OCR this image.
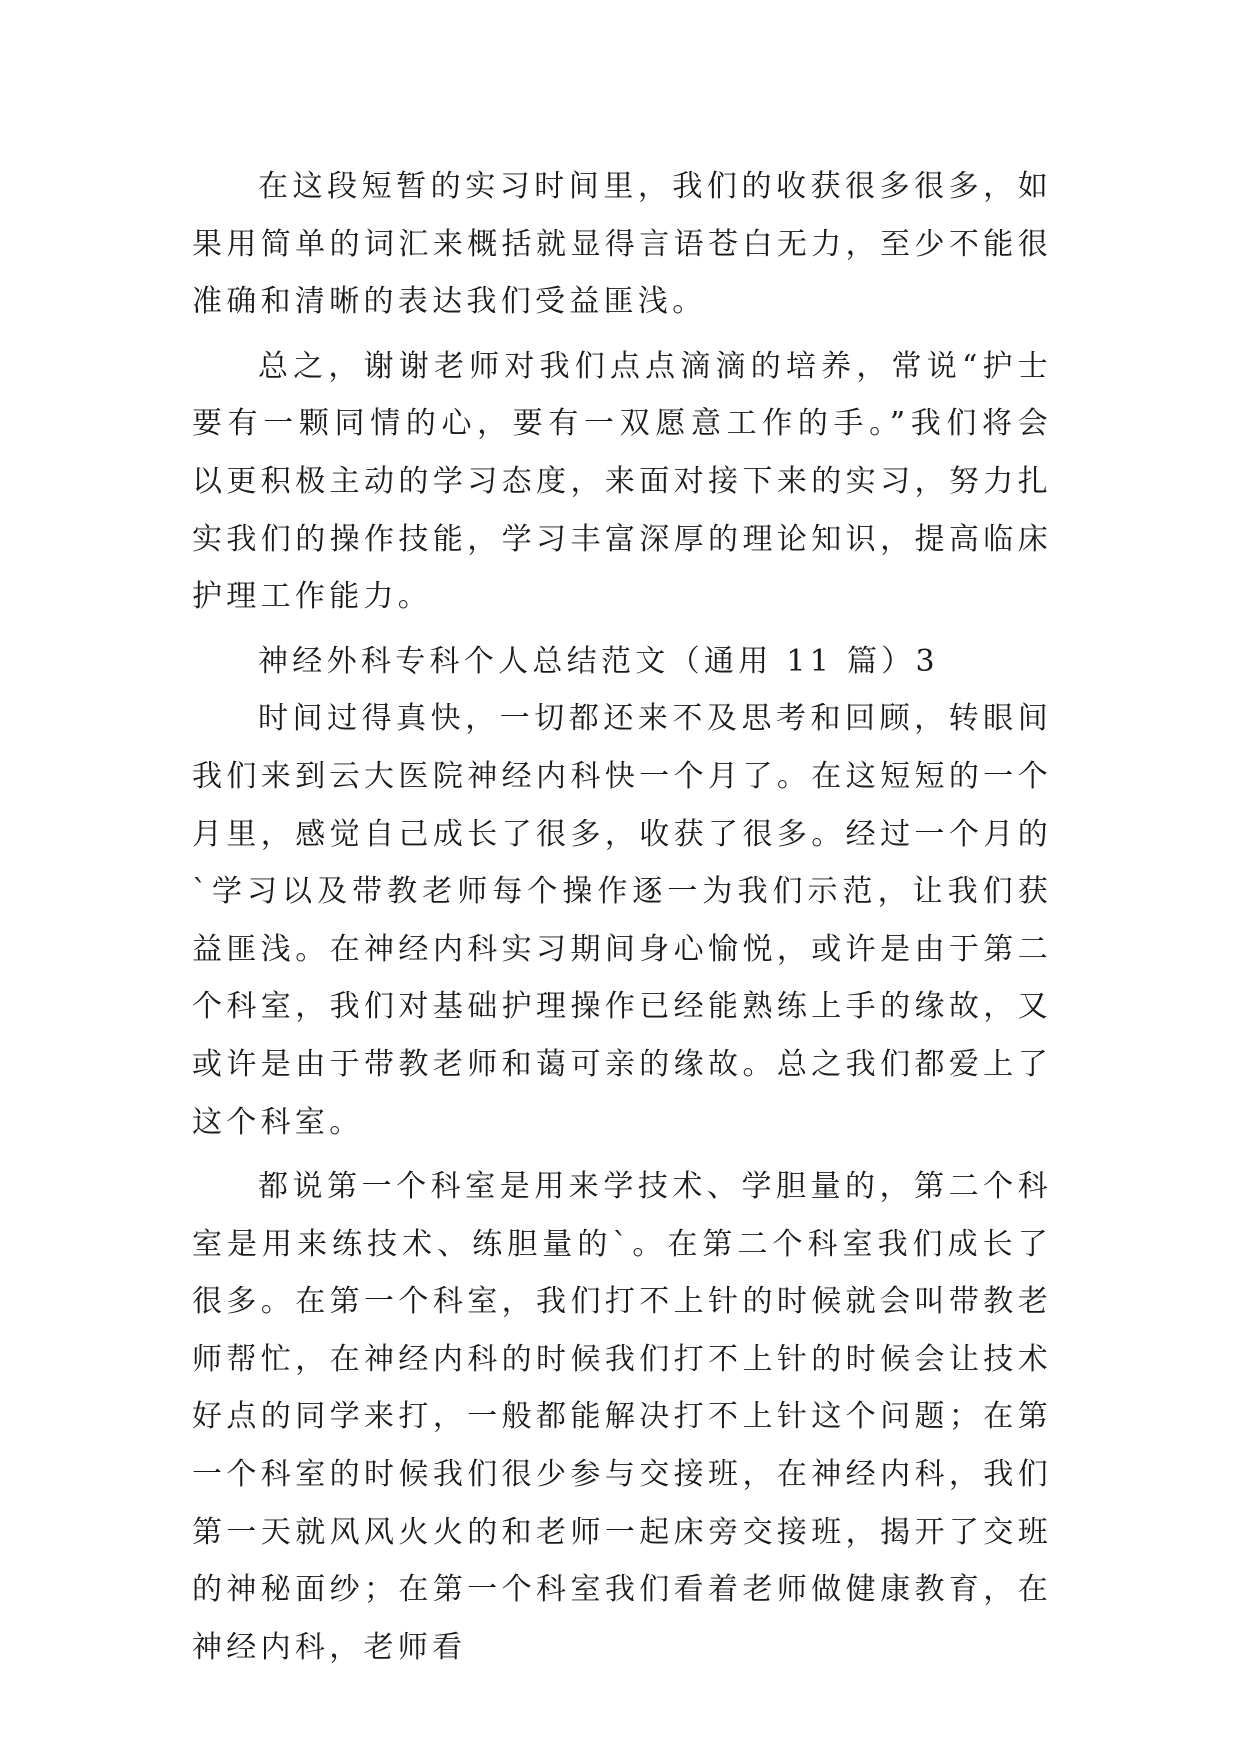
在这段短暂的实习时间里，我们的收获很多很多，如果用简单的词汇来概括就显得言语苍白无力，至少不能很准确和清晰的表达我们受益匪浅。

总之，谢谢老师对我们点点滴滴的培养，常说“护士要有一颗同情的心，要有一双愿意工作的手。”我们将会以更积极主动的学习态度，来面对接下来的实习，努力扎实我们的操作技能，学习丰富深厚的理论知识，提高临床护理工作能力。

神经外科专科个人总结范文（通用 11 篇）3

时间过得真快，一切都还来不及思考和回顾，转眼间我们来到云大医院神经内科快一个月了。在这短短的一个月里，感觉自己成长了很多，收获了很多。经过一个月的`学习以及带教老师每个操作逐一为我们示范，让我们获益匪浅。在神经内科实习期间身心愉悦，或许是由于第二个科室，我们对基础护理操作已经能熟练上手的缘故，又或许是由于带教老师和蔼可亲的缘故。总之我们都爱上了这个科室。

都说第一个科室是用来学技术、学胆量的，第二个科室是用来练技术、练胆量的`。在第二个科室我们成长了很多。在第一个科室，我们打不上针的时候就会叫带教老师帮忙，在神经内科的时候我们打不上针的时候会让技术好点的同学来打，一般都能解决打不上针这个问题；在第一个科室的时候我们很少参与交接班，在神经内科，我们第一天就风风火火的和老师一起床旁交接班，揭开了交班的神秘面纱；在第一个科室我们看着老师做健康教育，在神经内科，老师看
